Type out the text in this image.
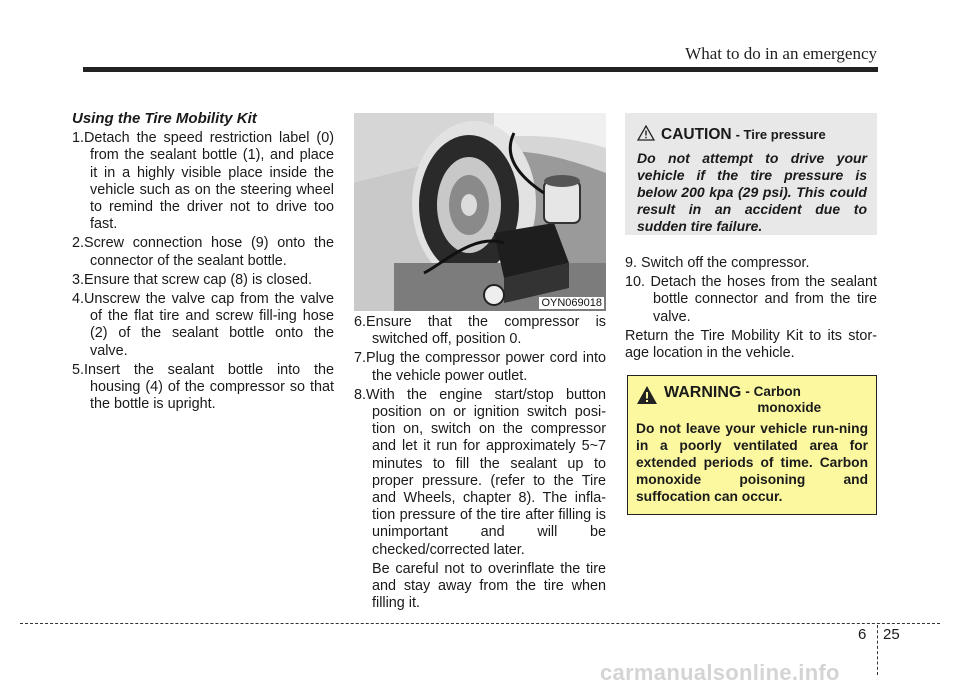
What to do in an emergency
Using the Tire Mobility Kit
1.Detach the speed restriction label (0) from the sealant bottle (1), and place it in a highly visible place inside the vehicle such as on the steering wheel to remind the driver not to drive too fast.
2.Screw connection hose (9) onto the connector of the sealant bottle.
3.Ensure that screw cap (8) is closed.
4.Unscrew the valve cap from the valve of the flat tire and screw fill-ing hose (2) of the sealant bottle onto the valve.
5.Insert the sealant bottle into the housing (4) of the compressor so that the bottle is upright.
OYN069018
6.Ensure that the compressor is switched off, position 0.
7.Plug the compressor power cord into the vehicle power outlet.
8.With the engine start/stop button position on or ignition switch posi-tion on, switch on the compressor and let it run for approximately 5~7 minutes to fill the sealant up to proper pressure. (refer to the Tire and Wheels, chapter 8). The infla-tion pressure of the tire after filling is unimportant and will be checked/corrected later.
Be careful not to overinflate the tire and stay away from the tire when filling it.
CAUTION - Tire pressure
Do not attempt to drive your vehicle if the tire pressure is below 200 kpa (29 psi). This could result in an accident due to sudden tire failure.
9. Switch off the compressor.
10. Detach the hoses from the sealant bottle connector and from the tire valve.
Return the Tire Mobility Kit to its stor-age location in the vehicle.
WARNING - Carbon
monoxide
Do not leave your vehicle run-ning in a poorly ventilated area for extended periods of time. Carbon monoxide poisoning and suffocation can occur.
6 25
carmanualsonline.info
